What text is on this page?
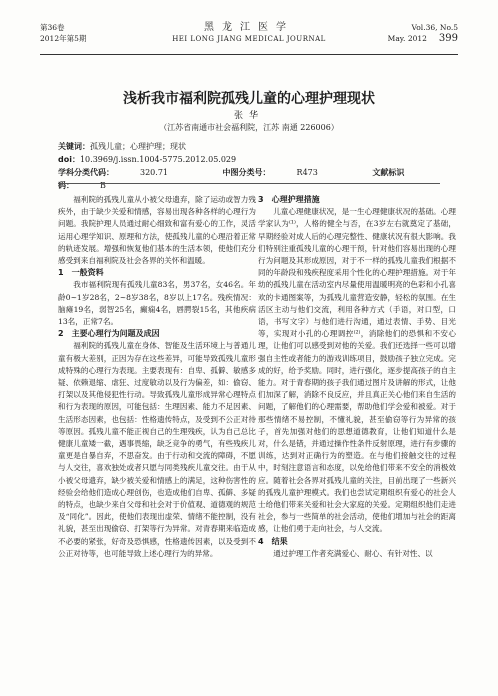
第36卷
2012年第5期
黑龙江医学
HEI LONG JIANG MEDICAL JOURNAL
Vol.36, No.5
May. 2012 399
浅析我市福利院孤残儿童的心理护理现状
张华
（江苏省南通市社会福利院，江苏 南通 226006）
关键词：孤残儿童；心理护理；现状
doi：10.3969/j.issn.1004-5775.2012.05.029
学科分类代码：	320.71	中图分类号：	R473	文献标识码：	B

福利院的孤残儿童从小被父母遗弃，除了运动或智力残疾外，由于缺少关爱和情感，容易出现各种各样的心理行为问题。我院护理人员通过耐心细致和富有爱心的工作，灵活运用心理学知识、原理和方法，使孤残儿童的心理沿着正常的轨迹发展。增强和恢复他们基本的生活本领，使他们充分感受到来自福利院及社会各界的关怀和温暖。

1　一般资料

我市福利院现有孤残儿童83名，男37名，女46名。年龄0~1岁28名，2~8岁38名，8岁以上17名。残疾情况：脑瘫19名，弱智25名，癫痫4名，唇腭裂15名，其他疾病13名，正常7名。

2　主要心理行为问题及成因

福利院的孤残儿童在身体、智能及生活环境上与普通儿童有极大差别，正因为存在这些差异，可能导致孤残儿童形成特殊的心理行为表现。主要表现有：自卑、孤僻、敏感多疑、依赖退缩、虐狂、过度敏动以及行为偏差，如：偷窃、打架以及其他侵犯性行动。导致孤残儿童形成异常心理特点和行为表现的原因，可能包括：生理因素、能力不足因素、生活形态因素，也包括：性格遗传特点，及受到不公正对待等原因。孤残儿童不能正视自己的生理残疾，认为自己总比健康儿童矮一截，遇事畏缩，缺乏竞争的勇气，有些残疾儿童更是自暴自弃，不思奋发。由于行动和交流的障碍，不愿与人交往，喜欢独处或者只愿与同类残疾儿童交往。由于从小被父母遗弃，缺少被关爱和情感上的满足，这种伤害性的经验会给他们造成心理创伤，也造成他们自卑、孤僻、多疑的特点，也缺少来自父母和社会对于价值观、道德观的规范及“同化”。因此，使他们表现出虚荣、情绪不能控制，没有礼貌，甚至出现偷窃、打架等行为异常。对青春期来临造成不必要的紧张，好奇及恐惧感，性格遗传因素，以及受到不公正对待等，也可能导致上述心理行为的异常。

3　心理护理措施

儿童心理健康状况，是一生心理健康状况的基础。心理学家认为⁽¹⁾，人格的健全与否，在3岁左右就奠定了基础，早期经验对成人后的心理完整性、健康状况有很大影响。我们特别注重孤残儿童的心理干预，针对他们容易出现的心理行为问题及其形成原因，对于不一样的孤残儿童我们根据不同的年龄段和残疾程度采用个性化的心理护理措施。对于年幼的孤残儿童在活动室内尽量使用温暖明亮的色彩和小孔喜欢的卡通图案等，为孤残儿童营造安静，轻松的氛围。在生活区主动与他们交流，利用各种方式（手语，对口型，口语，书写文字）与他们进行沟通，通过表情、手势、目光等，实现对小孔的心理调控⁽²⁾，消除他们的恐惧和不安心理，让他们可以感受到对他的关爱。我们还选择一些可以增强自主性或者能力的游戏训练项目，鼓励孩子独立完成。完成的好，给予奖励。同时，进行强化，逐步提高孩子的自主能力。对于青春期的孩子我们通过图片及讲解的形式，让他们加深了解，消除不良反应，并且真正关心他们来自生活的问题，了解他们的心理需要，帮助他们学会爱和被爱。对于那些情绪不易控制，不懂礼貌，甚至偷窃等行为异常的孩子，首先加强对他们的思想道德教育，让他们知道什么是对，什么是错，并通过操作性条件反射原理，进行有步骤的训练，达到对正确行为的塑造。在与他们接触交往的过程中，时刻注意语言和态度，以免给他们带来不安全的消极效应。随着社会各界对孤残儿童的关注，目前出现了一些新兴的孤残儿童护理模式。我们也尝试定期组织有爱心的社会人士给他们带来关爱和社会大家庭的关爱。定期组织他们走进社会，参与一些简单的社会活动，使他们增加与社会的距离感，让他们勇于走向社会，与人交流。

4　结果

通过护理工作者充满爱心、耐心、有针对性、以
